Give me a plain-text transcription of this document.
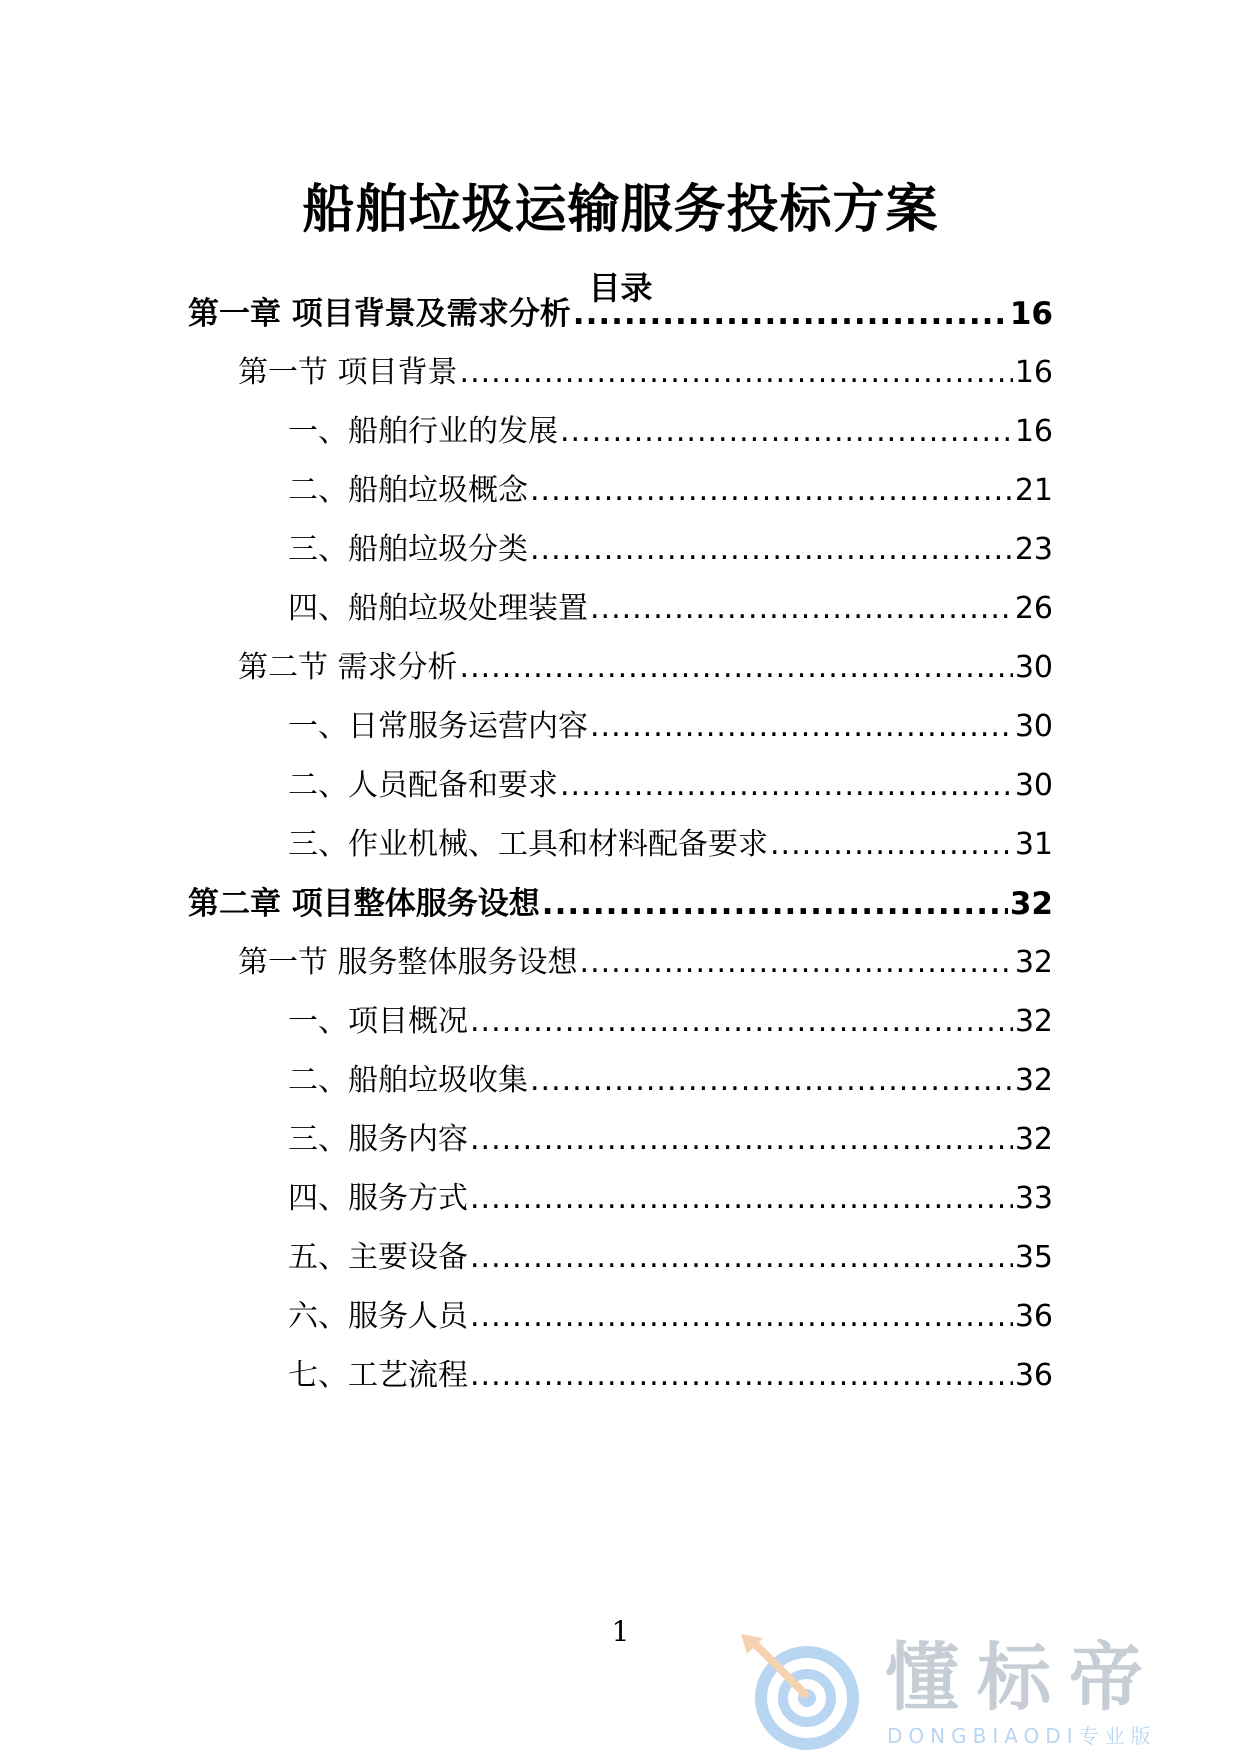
船舶垃圾运输服务投标方案
目录
第一章 项目背景及需求分析 .....	16
第一节 项目背景 .....	16
一、船舶行业的发展 .....	16
二、船舶垃圾概念 .....	21
三、船舶垃圾分类 .....	23
四、船舶垃圾处理装置 .....	26
第二节 需求分析 .....	30
一、日常服务运营内容 .....	30
二、人员配备和要求 .....	30
三、作业机械、工具和材料配备要求 .....	31
第二章 项目整体服务设想 .....	32
第一节 服务整体服务设想 .....	32
一、项目概况 .....	32
二、船舶垃圾收集 .....	32
三、服务内容 .....	32
四、服务方式 .....	33
五、主要设备 .....	35
六、服务人员 .....	36
七、工艺流程 .....	36
1
懂标帝
DONGBIAODI专业版
